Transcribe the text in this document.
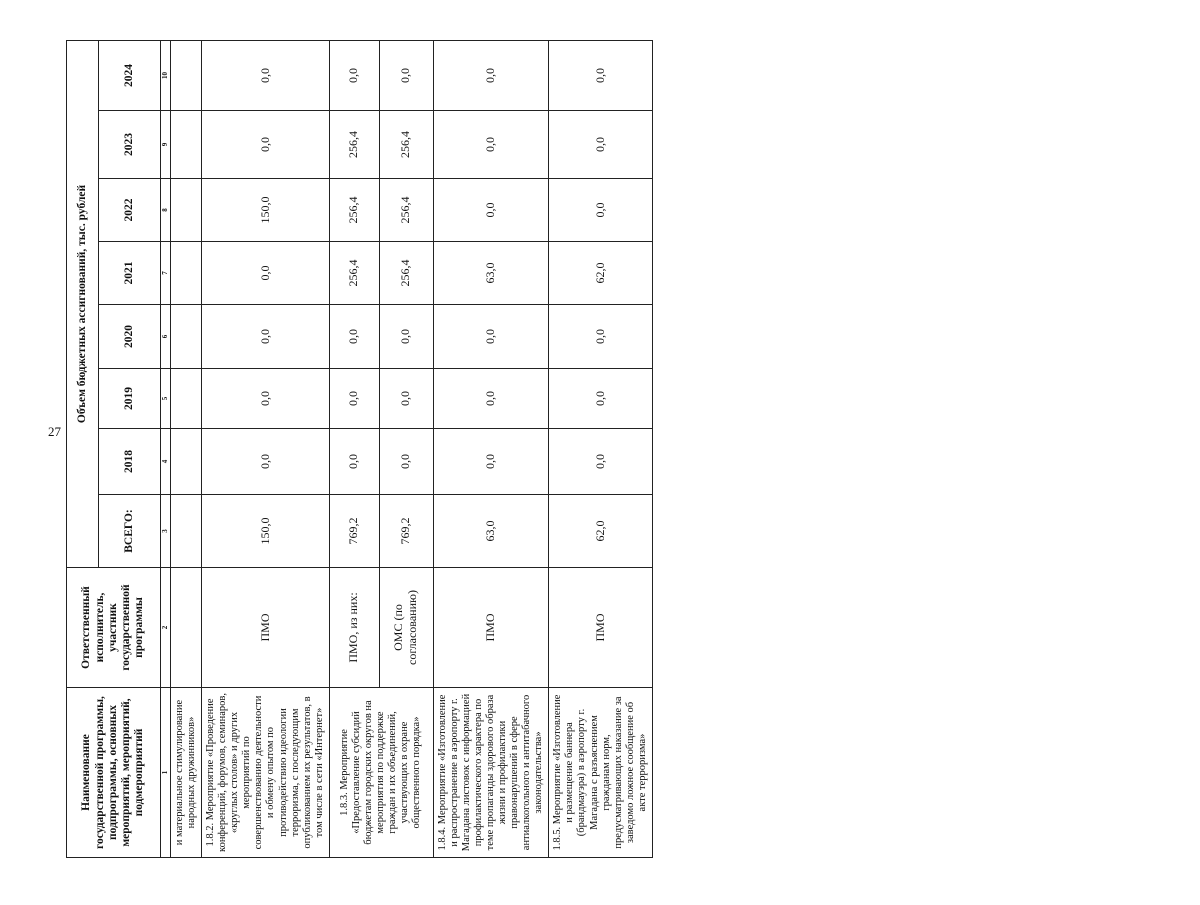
27
Наименование государственной программы, подпрограммы, основных мероприятий, мероприятий, подмероприятий	Ответственный исполнитель, участник государственной программы	Объем бюджетных ассигнований, тыс. рублей							
		ВСЕГО:	2018	2019	2020	2021	2022	2023	2024
1	2	3	4	5	6	7	8	9	10
и материальное стимулирование народных дружинников»									
1.8.2. Мероприятие «Проведение конференций, форумов, семинаров, «круглых столов» и других мероприятий по совершенствованию деятельности и обмену опытом по противодействию идеологии терроризма, с последующим опубликованием их результатов, в том числе в сети «Интернет»	ПМО	150,0	0,0	0,0	0,0	0,0	150,0	0,0	0,0
1.8.3. Мероприятие «Предоставление субсидий бюджетам городских округов на мероприятия по поддержке граждан и их объединений, участвующих в охране общественного порядка»	ПМО, из них:	769,2	0,0	0,0	0,0	256,4	256,4	256,4	0,0
	ОМС (по согласованию)	769,2	0,0	0,0	0,0	256,4	256,4	256,4	0,0
1.8.4. Мероприятие «Изготовление и распространение в аэропорту г. Магадана листовок с информацией профилактического характера по теме пропаганды здорового образа жизни и профилактики правонарушений в сфере антиалкогольного и антитабачного законодательства»	ПМО	63,0	0,0	0,0	0,0	63,0	0,0	0,0	0,0
1.8.5. Мероприятие «Изготовление и размещение баннера (брандмауэра) в аэропорту г. Магадана с разъяснением гражданам норм, предусматривающих наказание за заведомо ложное сообщение об акте терроризма»	ПМО	62,0	0,0	0,0	0,0	62,0	0,0	0,0	0,0
